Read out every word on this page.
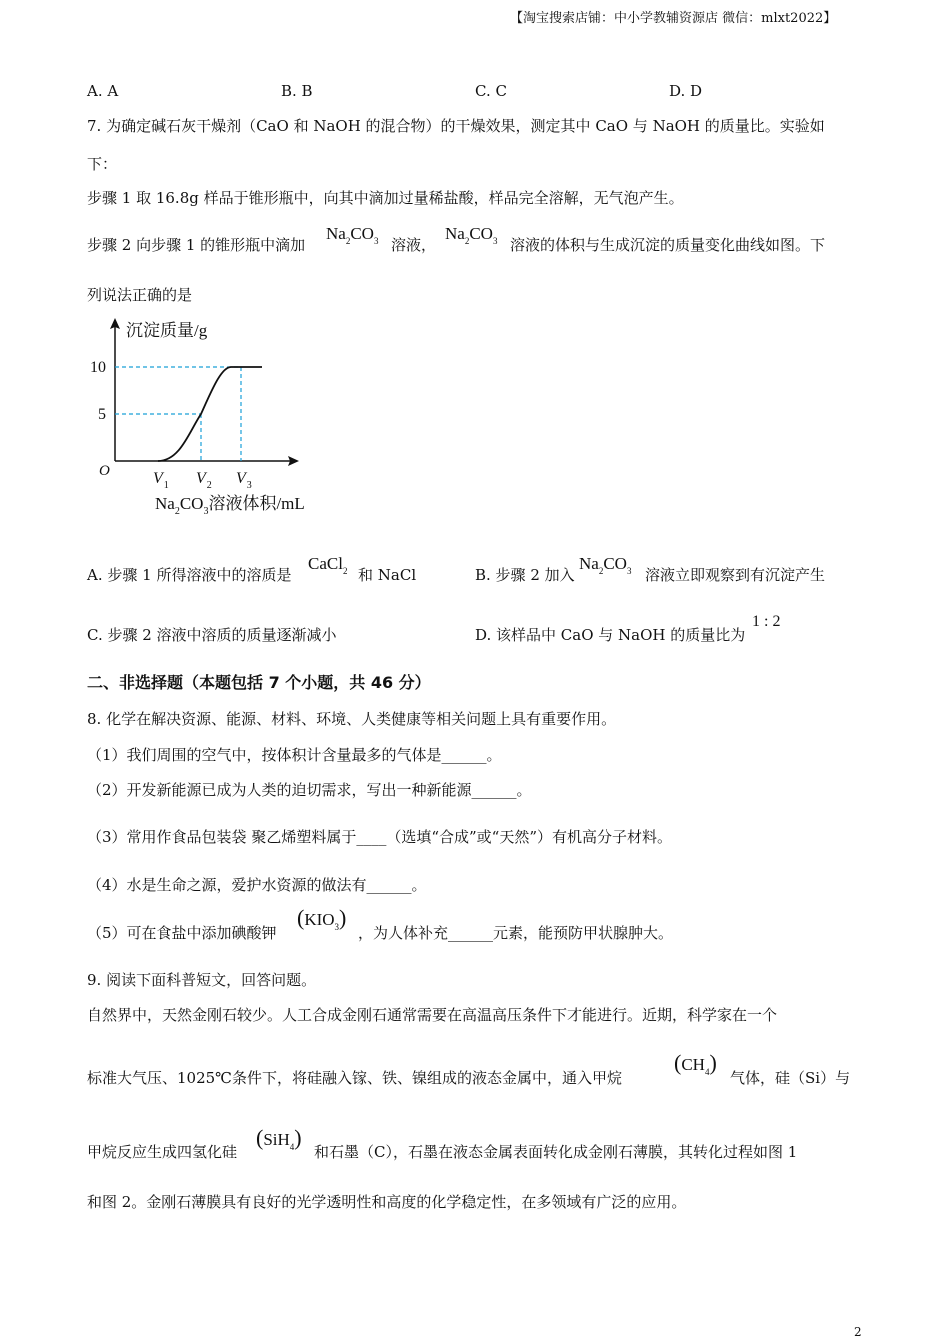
【淘宝搜索店铺：中小学教辅资源店 微信：mlxt2022】
A. A	B. B	C. C	D. D
7. 为确定碱石灰干燥剂（CaO 和 NaOH 的混合物）的干燥效果，测定其中 CaO 与 NaOH 的质量比。实验如
下：
步骤 1 取 16.8g 样品于锥形瓶中，向其中滴加过量稀盐酸，样品完全溶解，无气泡产生。
步骤 2 向步骤 1 的锥形瓶中滴加
$Na_2CO_3$ 溶液，
$Na_2CO_3$ 溶液的体积与生成沉淀的质量变化曲线如图。下
列说法正确的是
沉淀质量/g
O
5
10
$V_1$ $V_2$ $V_3$
$Na_2CO_3$溶液体积/mL
A. 步骤 1 所得溶液中的溶质是
CaCl$_2$ 和 NaCl	B. 步骤 2 加入
$Na_2CO_3$ 溶液立即观察到有沉淀产生
C. 步骤 2 溶液中溶质的质量逐渐减小	D. 该样品中 CaO 与 NaOH 的质量比为
1 : 2
二、非选择题（本题包括 7 个小题，共 46 分）
8. 化学在解决资源、能源、材料、环境、人类健康等相关问题上具有重要作用。
（1）我们周围的空气中，按体积计含量最多的气体是______。
（2）开发新能源已成为人类的迫切需求，写出一种新能源______。
（3）常用作食品包装袋 聚乙烯塑料属于____（选填“合成”或“天然”）有机高分子材料。
（4）水是生命之源，爱护水资源的做法有______。
（5）可在食盐中添加碘酸钾
$(KIO_3)$
，为人体补充______元素，能预防甲状腺肿大。
9. 阅读下面科普短文，回答问题。
自然界中，天然金刚石较少。人工合成金刚石通常需要在高温高压条件下才能进行。近期，科学家在一个
标准大气压、1025℃条件下，将硅融入镓、铁、镍组成的液态金属中，通入甲烷
$(CH_4)$
气体，硅（Si）与
甲烷反应生成四氢化硅
(SiH$_4$)
和石墨（C），石墨在液态金属表面转化成金刚石薄膜，其转化过程如图 1
和图 2。金刚石薄膜具有良好的光学透明性和高度的化学稳定性，在多领域有广泛的应用。
2
